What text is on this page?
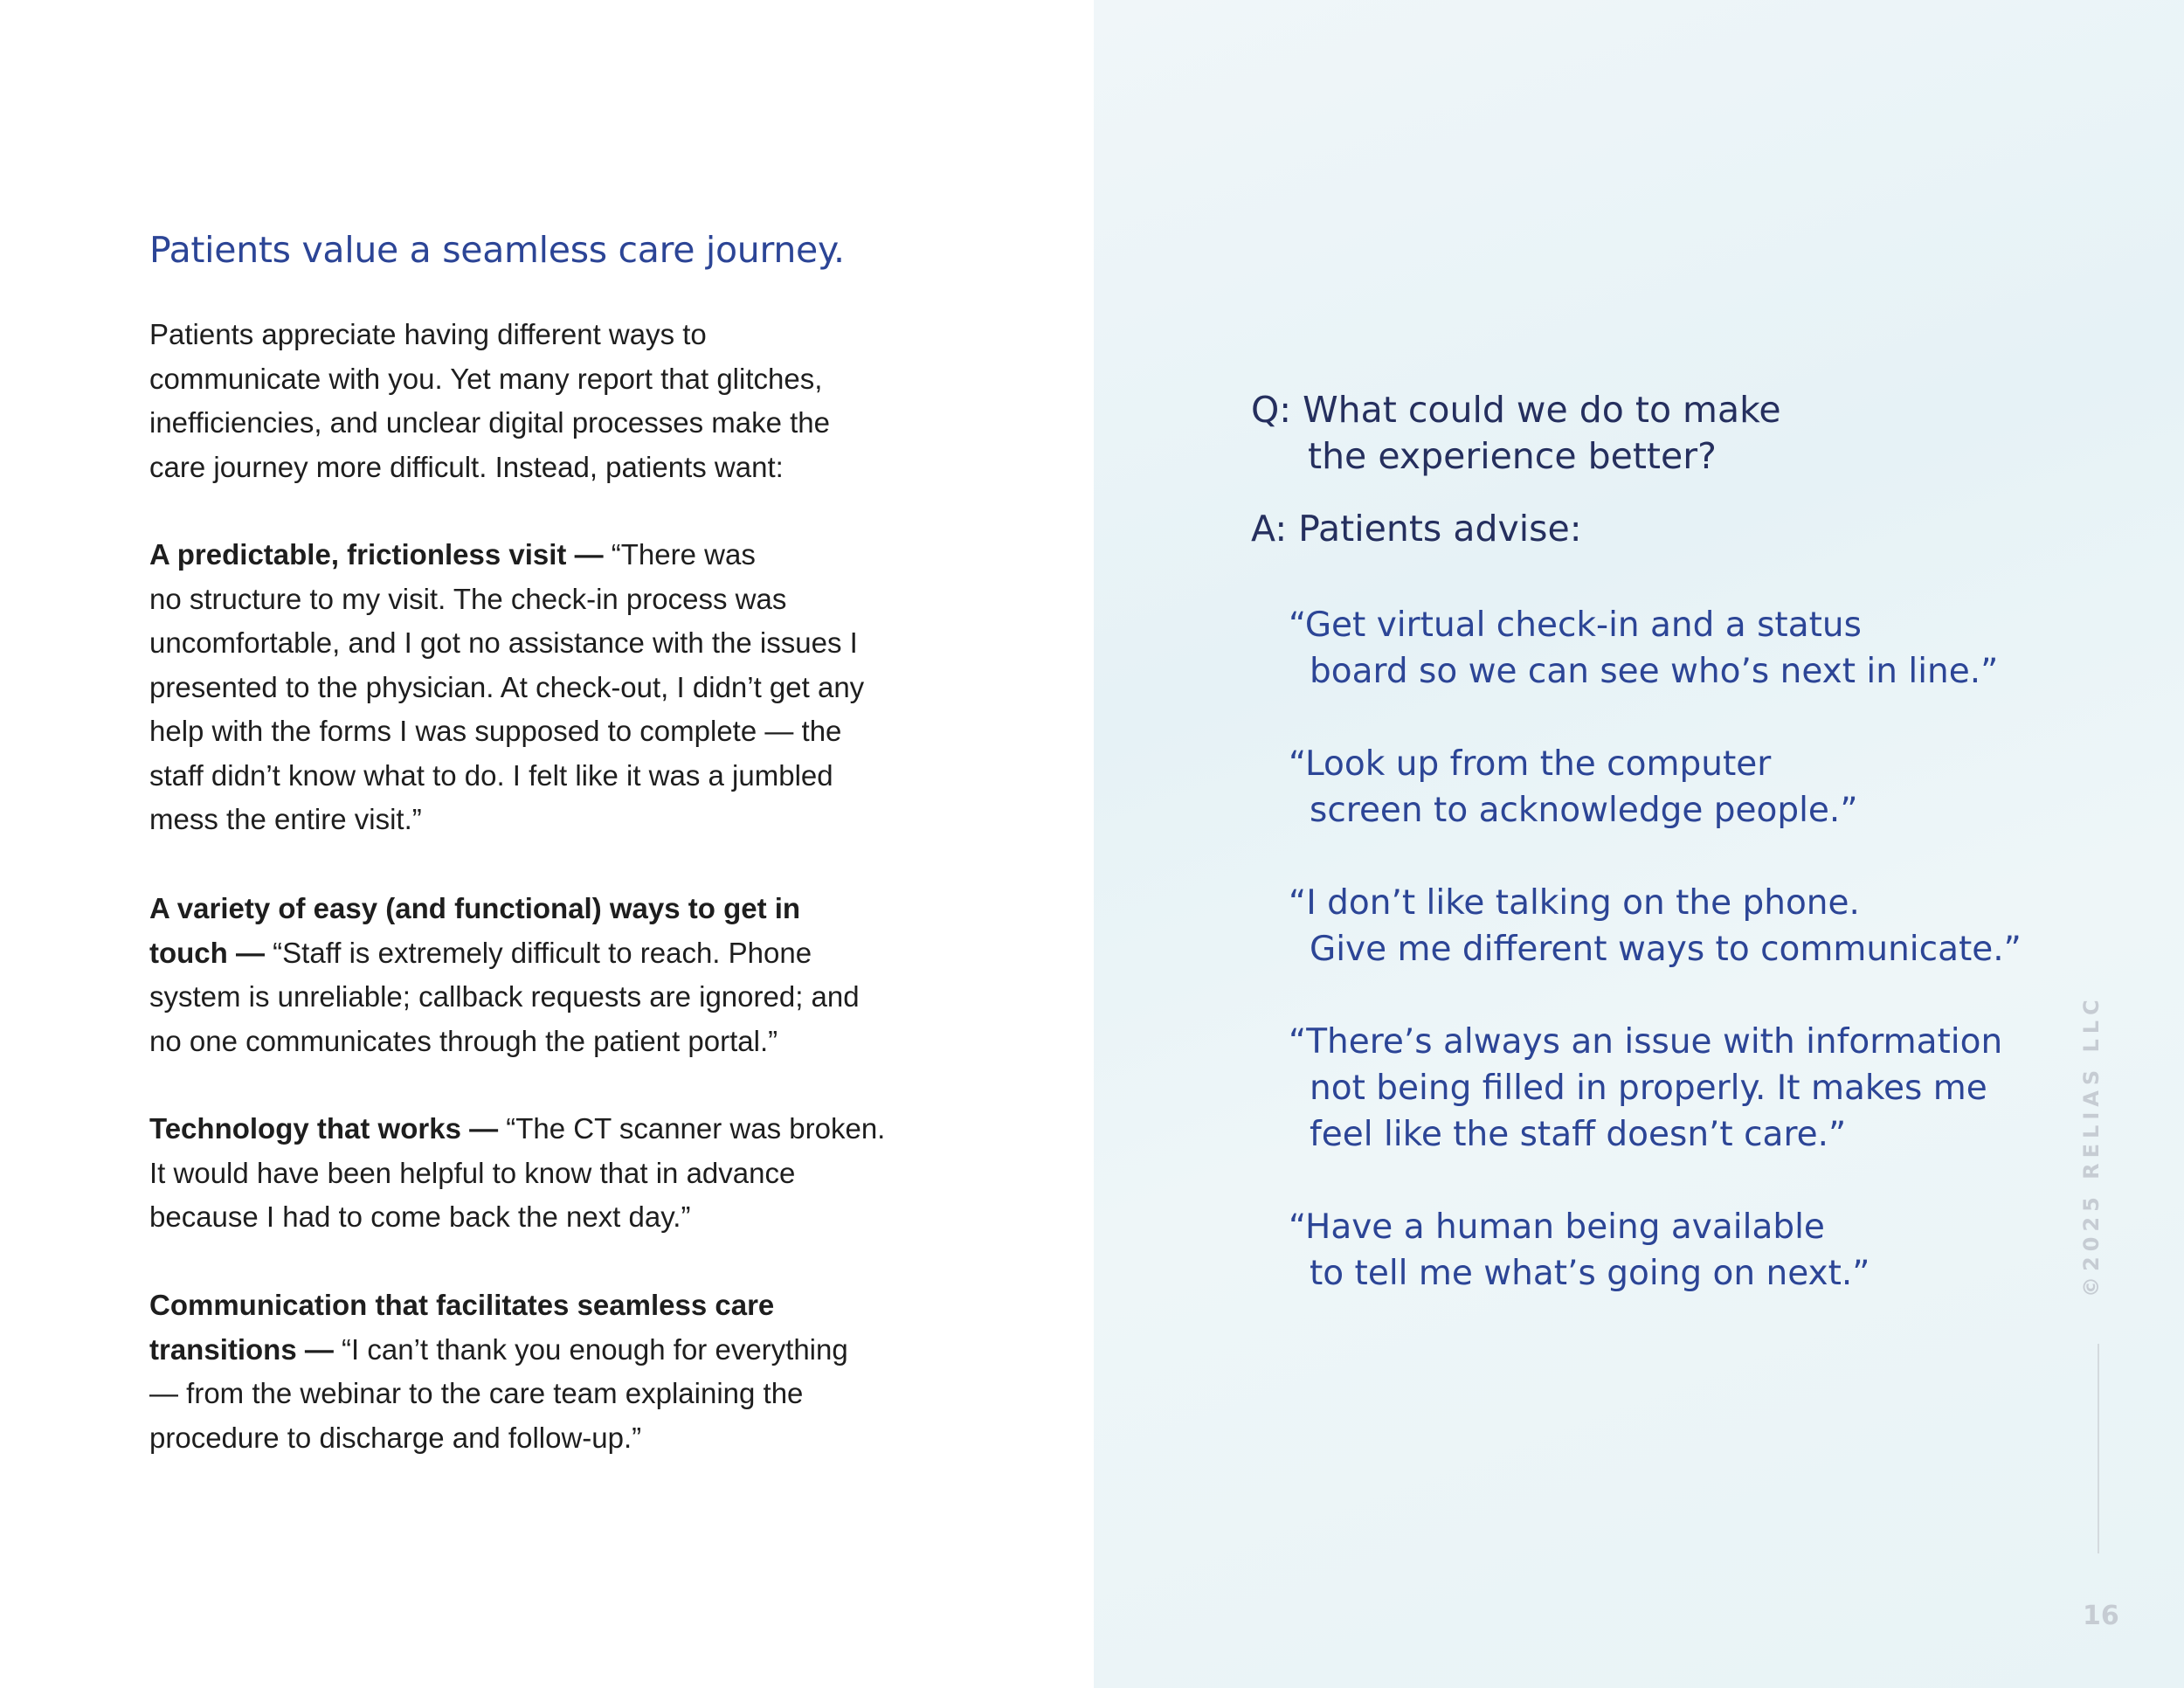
Patients value a seamless care journey.

Patients appreciate having different ways to

communicate with you. Yet many report that glitches,

inefficiencies, and unclear digital processes make the

care journey more difficult. Instead, patients want:

A predictable, frictionless visit — “There was

no structure to my visit. The check-in process was

uncomfortable, and I got no assistance with the issues I

presented to the physician. At check-out, I didn’t get any

help with the forms I was supposed to complete — the

staff didn’t know what to do. I felt like it was a jumbled

mess the entire visit.”

A variety of easy (and functional) ways to get in

touch — “Staff is extremely difficult to reach. Phone

system is unreliable; callback requests are ignored; and

no one communicates through the patient portal.”

Technology that works — “The CT scanner was broken.

It would have been helpful to know that in advance

because I had to come back the next day.”

Communication that facilitates seamless care

transitions — “I can’t thank you enough for everything

— from the webinar to the care team explaining the

procedure to discharge and follow-up.”

Q: What could we do to make
the experience better?
A: Patients advise:
“Get virtual check-in and a status
board so we can see who’s next in line.”
“Look up from the computer
screen to acknowledge people.”
“I don’t like talking on the phone.
Give me different ways to communicate.”
“There’s always an issue with information
not being filled in properly. It makes me
feel like the staff doesn’t care.”
“Have a human being available
to tell me what’s going on next.”	©2025 RELIAS LLC
16
